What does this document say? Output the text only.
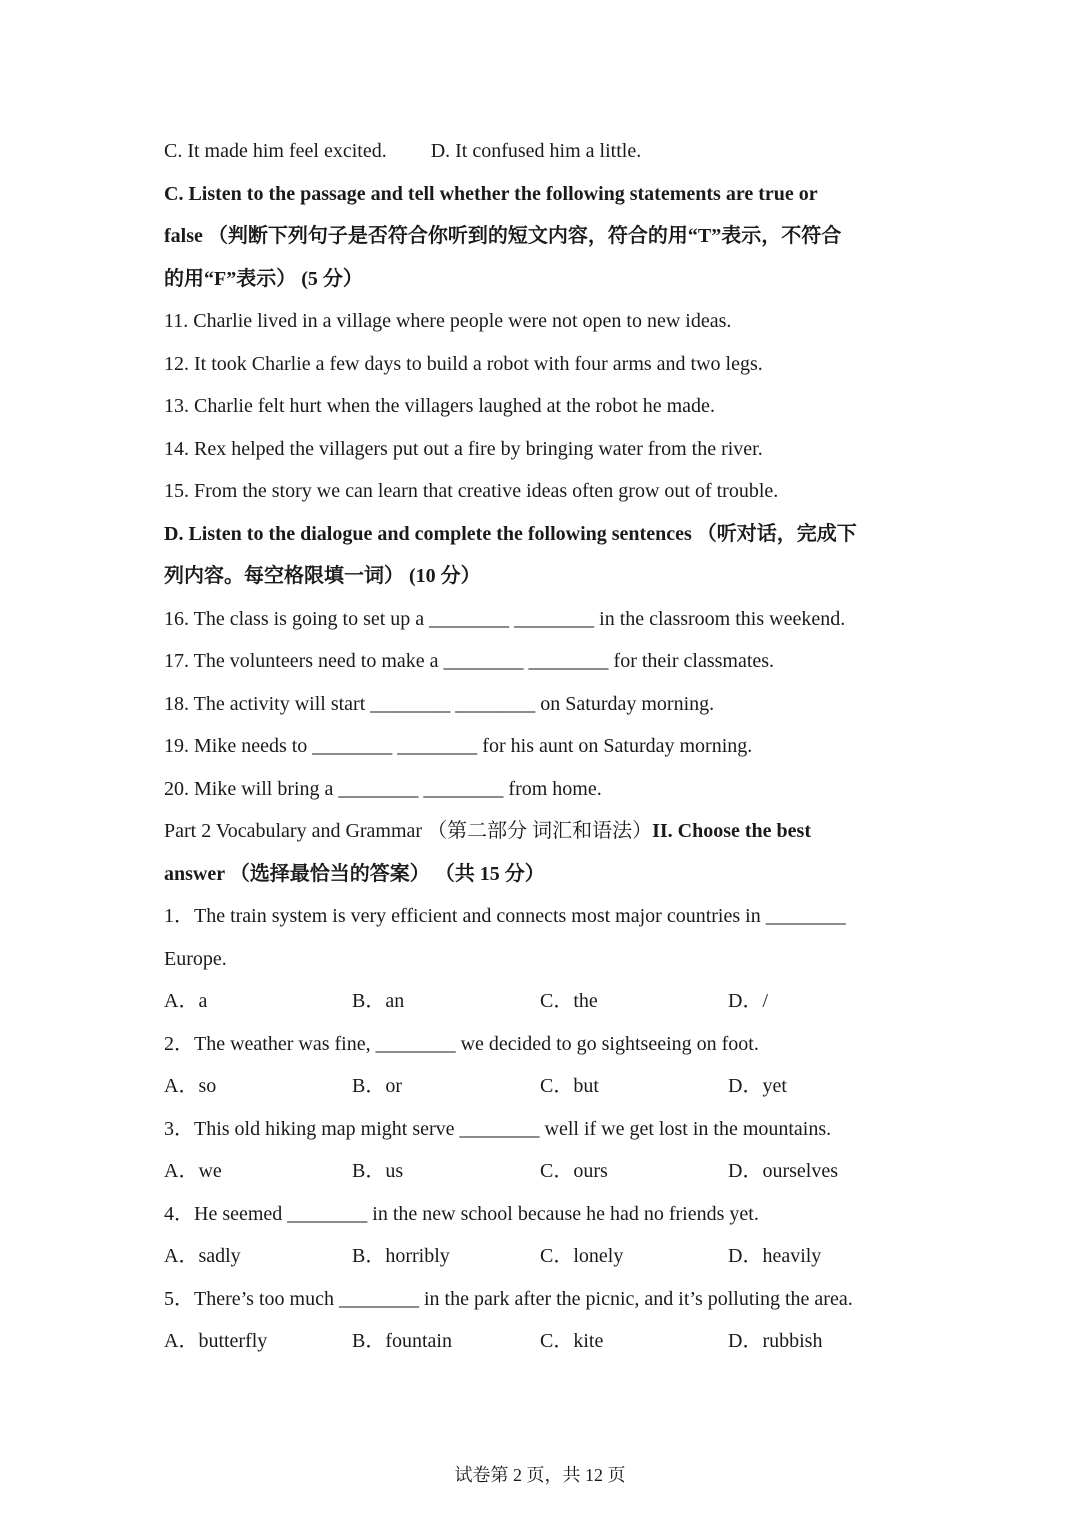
C. It made him feel excited. D. It confused him a little.
C. Listen to the passage and tell whether the following statements are true or
false （判断下列句子是否符合你听到的短文内容，符合的用“T”表示，不符合
的用“F”表示） (5 分）
11. Charlie lived in a village where people were not open to new ideas.
12. It took Charlie a few days to build a robot with four arms and two legs.
13. Charlie felt hurt when the villagers laughed at the robot he made.
14. Rex helped the villagers put out a fire by bringing water from the river.
15. From the story we can learn that creative ideas often grow out of trouble.
D. Listen to the dialogue and complete the following sentences （听对话，完成下
列内容。每空格限填一词） (10 分）
16. The class is going to set up a ________ ________ in the classroom this weekend.
17. The volunteers need to make a ________ ________ for their classmates.
18. The activity will start ________ ________ on Saturday morning.
19. Mike needs to ________ ________ for his aunt on Saturday morning.
20. Mike will bring a ________ ________ from home.
Part 2 Vocabulary and Grammar （第二部分 词汇和语法）II. Choose the best
answer （选择最恰当的答案） （共 15 分）
1．The train system is very efficient and connects most major countries in ________
Europe.
A．a	B．an	C．the	D．/
2．The weather was fine, ________ we decided to go sightseeing on foot.
A．so	B．or	C．but	D．yet
3．This old hiking map might serve ________ well if we get lost in the mountains.
A．we	B．us	C．ours	D．ourselves
4．He seemed ________ in the new school because he had no friends yet.
A．sadly	B．horribly	C．lonely	D．heavily
5．There’s too much ________ in the park after the picnic, and it’s polluting the area.
A．butterfly	B．fountain	C．kite	D．rubbish
试卷第 2 页，共 12 页
